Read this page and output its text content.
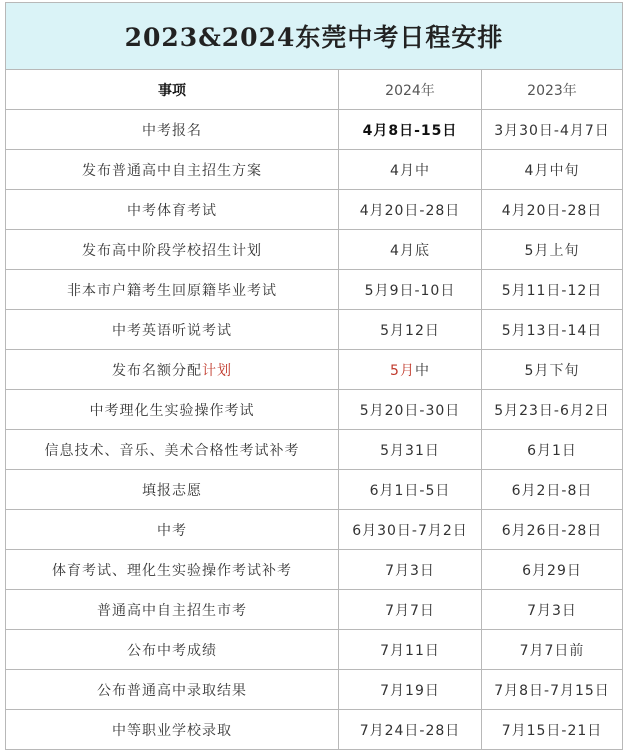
2023&2024东莞中考日程安排		
事项	2024年	2023年
中考报名	4月8日-15日	3月30日-4月7日
发布普通高中自主招生方案	4月中	4月中旬
中考体育考试	4月20日-28日	4月20日-28日
发布高中阶段学校招生计划	4月底	5月上旬
非本市户籍考生回原籍毕业考试	5月9日-10日	5月11日-12日
中考英语听说考试	5月12日	5月13日-14日
发布名额分配计划	5月中	5月下旬
中考理化生实验操作考试	5月20日-30日	5月23日-6月2日
信息技术、音乐、美术合格性考试补考	5月31日	6月1日
填报志愿	6月1日-5日	6月2日-8日
中考	6月30日-7月2日	6月26日-28日
体育考试、理化生实验操作考试补考	7月3日	6月29日
普通高中自主招生市考	7月7日	7月3日
公布中考成绩	7月11日	7月7日前
公布普通高中录取结果	7月19日	7月8日-7月15日
中等职业学校录取	7月24日-28日	7月15日-21日
